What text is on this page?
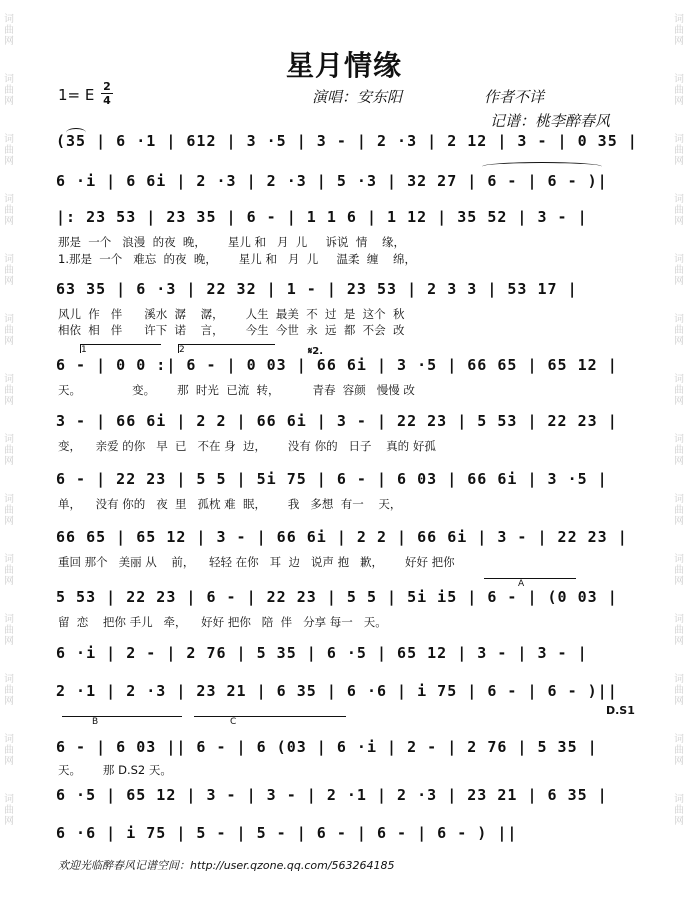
词
曲
网
词
曲
网
词
曲
网
词
曲
网
词
曲
网
词
曲
网
词
曲
网
词
曲
网
词
曲
网
词
曲
网
词
曲
网
词
曲
网
词
曲
网
词
曲
网
词
曲
网
词
曲
网
词
曲
网
词
曲
网
词
曲
网
词
曲
网
词
曲
网
词
曲
网
词
曲
网
词
曲
网
词
曲
网
词
曲
网
词
曲
网
词
曲
网
星月情缘
1= E 2
4	演唱：安东阳	作者不详
记谱：桃李醉春风
(35 | 6 ·1 | 612 | 3 ·5 | 3 - | 2 ·3 | 2 12 | 3 - | 0 35 |
6 ·i | 6 6i | 2 ·3 | 2 ·3 | 5 ·3 | 32 27 | 6 - | 6 - )|
|: 23 53 | 23 35 | 6 - | 1 1 6 | 1 12 | 35 52 | 3 - |
那是  一个   浪漫  的夜  晚，      星儿 和   月  儿     诉说  情    缘，
1.那是  一个   难忘  的夜  晚，      星儿 和   月  儿     温柔  缠    绵，
63 35 | 6 ·3 | 22 32 | 1 - | 23 53 | 2 3 3 | 53 17 |
风儿  作   伴      溪水  潺    潺，      人生  最美  不  过  是  这个  秋
相依  相   伴      许下  诺    言，      今生  今世  永  远  都  不会  改
1	2	𝄋2.
6 - | 0 0 :| 6 - | 0 03 | 66 6i | 3 ·5 | 66 65 | 65 12 |
天。              变。      那  时光  已流  转，         青春  容颜   慢慢 改
3 - | 66 6i | 2 2 | 66 6i | 3 - | 22 23 | 5 53 | 22 23 |
变，    亲爱 的你   早  已   不在 身  边，      没有 你的   日子    真的 好孤
6 - | 22 23 | 5 5 | 5i 75 | 6 - | 6 03 | 66 6i | 3 ·5 |
单，    没有 你的   夜  里   孤枕 难  眠，      我   多想  有一    天，
66 65 | 65 12 | 3 - | 66 6i | 2 2 | 66 6i | 3 - | 22 23 |
重回 那个   美丽 从    前，    轻轻 在你   耳  边   说声 抱   歉，      好好 把你
A
5 53 | 22 23 | 6 - | 22 23 | 5 5 | 5i i5 | 6 - | (0 03 |
留  恋    把你 手儿   牵，    好好 把你   陪  伴   分享 每一   天。
6 ·i | 2 - | 2 76 | 5 35 | 6 ·5 | 65 12 | 3 - | 3 - |
2 ·1 | 2 ·3 | 23 21 | 6 35 | 6 ·6 | i 75 | 6 - | 6 - )||
D.S1
B	C
6 - | 6 03 || 6 - | 6 (03 | 6 ·i | 2 - | 2 76 | 5 35 |
天。      那 D.S2 天。
6 ·5 | 65 12 | 3 - | 3 - | 2 ·1 | 2 ·3 | 23 21 | 6 35 |
6 ·6 | i 75 | 5 - | 5 - | 6 - | 6 - | 6 - ) ||
欢迎光临醉春风记谱空间：http://user.qzone.qq.com/563264185
